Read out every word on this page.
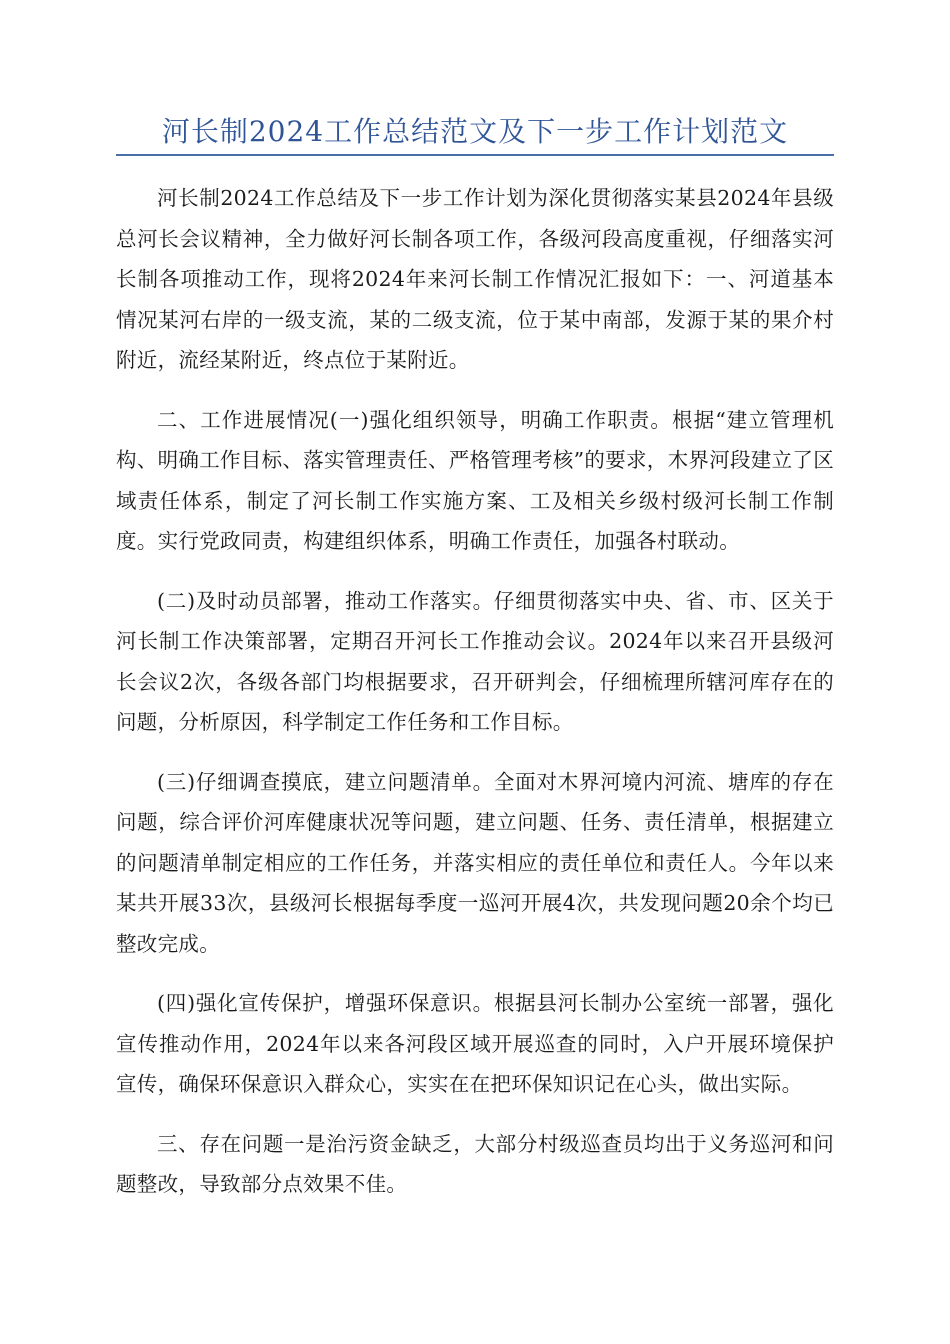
河长制2024工作总结范文及下一步工作计划范文

河长制2024工作总结及下一步工作计划为深化贯彻落实某县2024年县级总河长会议精神，全力做好河长制各项工作，各级河段高度重视，仔细落实河长制各项推动工作，现将2024年来河长制工作情况汇报如下：一、河道基本情况某河右岸的一级支流，某的二级支流，位于某中南部，发源于某的果介村附近，流经某附近，终点位于某附近。

二、工作进展情况(一)强化组织领导，明确工作职责。根据“建立管理机构、明确工作目标、落实管理责任、严格管理考核”的要求，木界河段建立了区域责任体系，制定了河长制工作实施方案、工及相关乡级村级河长制工作制度。实行党政同责，构建组织体系，明确工作责任，加强各村联动。

(二)及时动员部署，推动工作落实。仔细贯彻落实中央、省、市、区关于河长制工作决策部署，定期召开河长工作推动会议。2024年以来召开县级河长会议2次，各级各部门均根据要求，召开研判会，仔细梳理所辖河库存在的问题，分析原因，科学制定工作任务和工作目标。

(三)仔细调查摸底，建立问题清单。全面对木界河境内河流、塘库的存在问题，综合评价河库健康状况等问题，建立问题、任务、责任清单，根据建立的问题清单制定相应的工作任务，并落实相应的责任单位和责任人。今年以来某共开展33次，县级河长根据每季度一巡河开展4次，共发现问题20余个均已整改完成。

(四)强化宣传保护，增强环保意识。根据县河长制办公室统一部署，强化宣传推动作用，2024年以来各河段区域开展巡查的同时，入户开展环境保护宣传，确保环保意识入群众心，实实在在把环保知识记在心头，做出实际。

三、存在问题一是治污资金缺乏，大部分村级巡查员均出于义务巡河和问题整改，导致部分点效果不佳。
